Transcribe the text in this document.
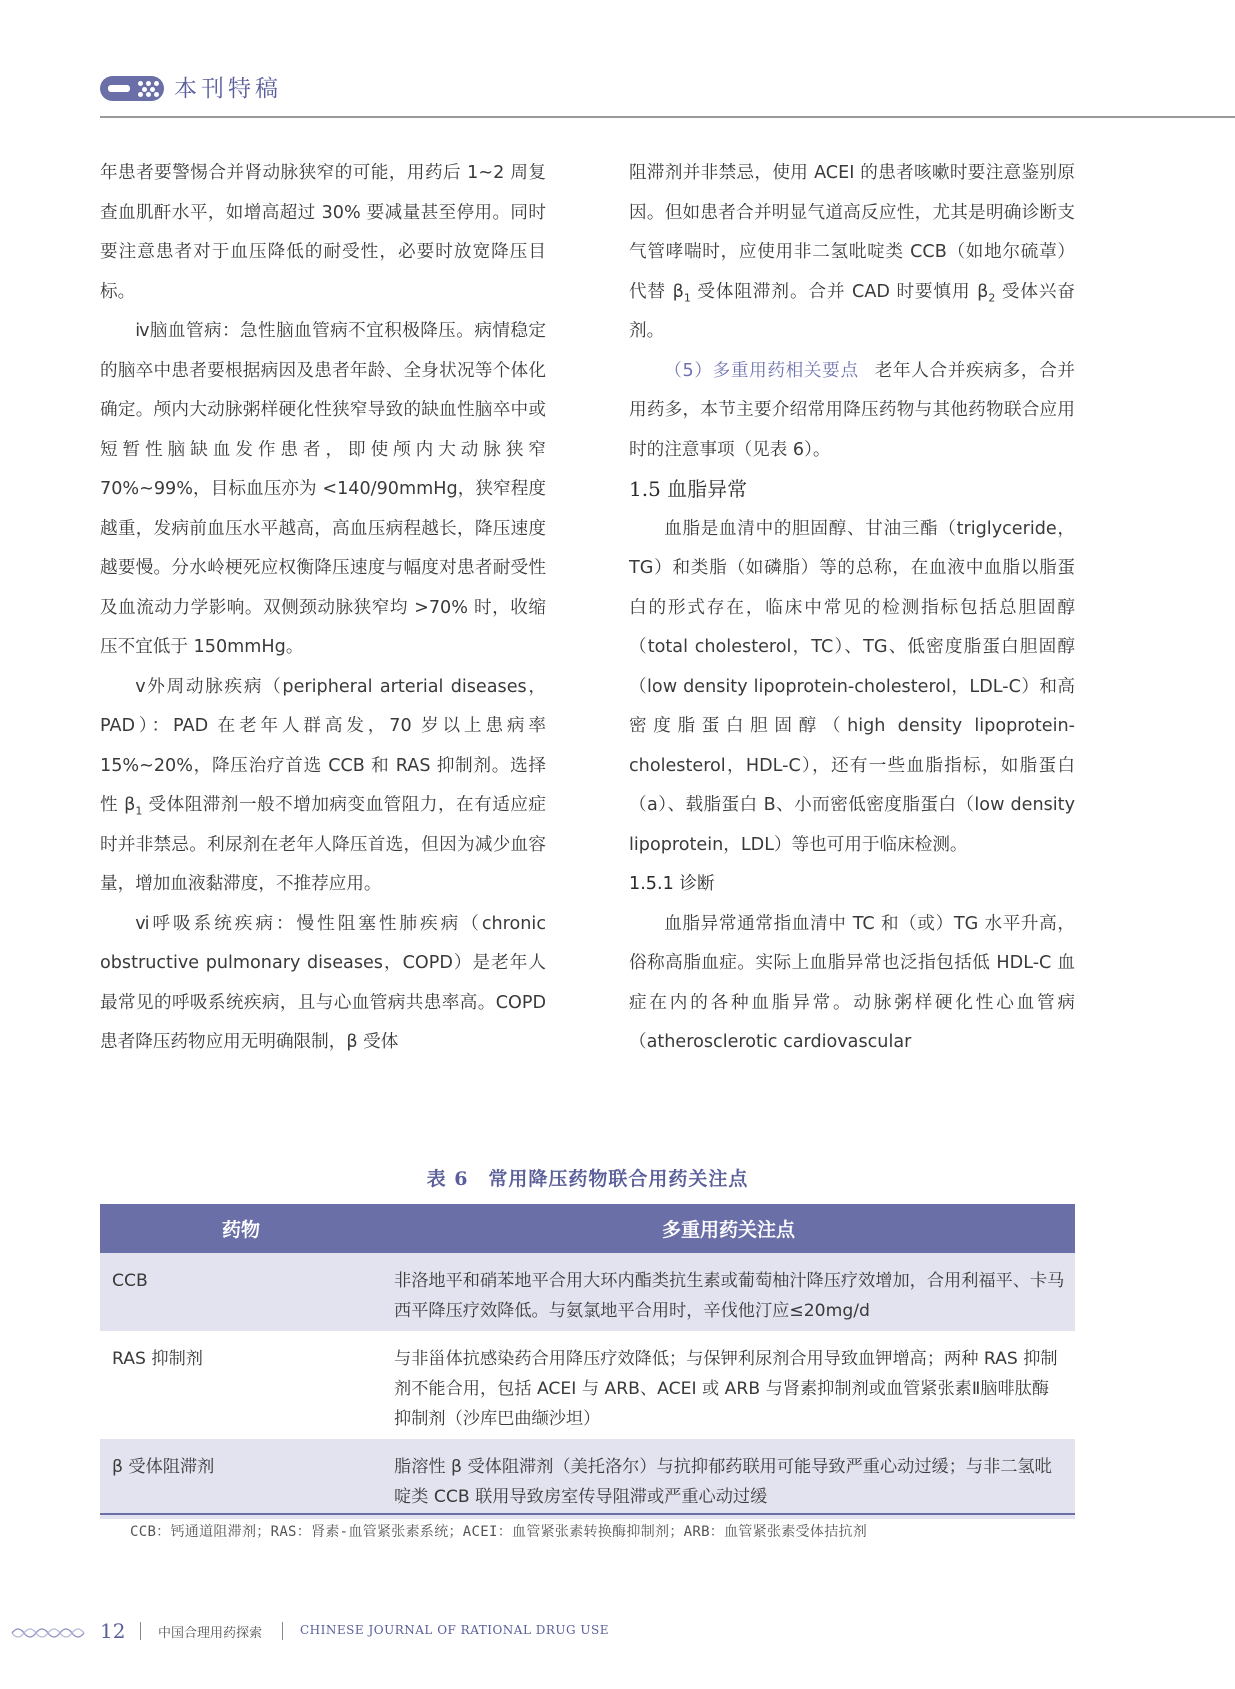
本刊特稿

年患者要警惕合并肾动脉狭窄的可能，用药后 1~2 周复查血肌酐水平，如增高超过 30% 要减量甚至停用。同时要注意患者对于血压降低的耐受性，必要时放宽降压目标。

ⅳ脑血管病：急性脑血管病不宜积极降压。病情稳定的脑卒中患者要根据病因及患者年龄、全身状况等个体化确定。颅内大动脉粥样硬化性狭窄导致的缺血性脑卒中或短暂性脑缺血发作患者，即使颅内大动脉狭窄 70%~99%，目标血压亦为 <140/90mmHg，狭窄程度越重，发病前血压水平越高，高血压病程越长，降压速度越要慢。分水岭梗死应权衡降压速度与幅度对患者耐受性及血流动力学影响。双侧颈动脉狭窄均 >70% 时，收缩压不宜低于 150mmHg。

ⅴ外周动脉疾病（peripheral arterial diseases，PAD）：PAD 在老年人群高发，70 岁以上患病率 15%~20%，降压治疗首选 CCB 和 RAS 抑制剂。选择性 $\beta_1$ 受体阻滞剂一般不增加病变血管阻力，在有适应症时并非禁忌。利尿剂在老年人降压首选，但因为减少血容量，增加血液黏滞度，不推荐应用。

ⅵ呼吸系统疾病：慢性阻塞性肺疾病（chronic obstructive pulmonary diseases，COPD）是老年人最常见的呼吸系统疾病，且与心血管病共患率高。COPD 患者降压药物应用无明确限制，β 受体

阻滞剂并非禁忌，使用 ACEI 的患者咳嗽时要注意鉴别原因。但如患者合并明显气道高反应性，尤其是明确诊断支气管哮喘时，应使用非二氢吡啶类 CCB（如地尔硫䓬）代替 $\beta_1$ 受体阻滞剂。合并 CAD 时要慎用 $\beta_2$ 受体兴奋剂。

（5）多重用药相关要点 老年人合并疾病多，合并用药多，本节主要介绍常用降压药物与其他药物联合应用时的注意事项（见表 6）。

1.5 血脂异常

血脂是血清中的胆固醇、甘油三酯（triglyceride，TG）和类脂（如磷脂）等的总称，在血液中血脂以脂蛋白的形式存在，临床中常见的检测指标包括总胆固醇（total cholesterol，TC）、TG、低密度脂蛋白胆固醇（low density lipoprotein-cholesterol，LDL-C）和高密度脂蛋白胆固醇（high density lipoprotein-cholesterol，HDL-C），还有一些血脂指标，如脂蛋白（a）、载脂蛋白 B、小而密低密度脂蛋白（low density lipoprotein，LDL）等也可用于临床检测。

1.5.1 诊断

血脂异常通常指血清中 TC 和（或）TG 水平升高，俗称高脂血症。实际上血脂异常也泛指包括低 HDL-C 血症在内的各种血脂异常。动脉粥样硬化性心血管病（atherosclerotic cardiovascular

表 6　常用降压药物联合用药关注点
药物	多重用药关注点
CCB	非洛地平和硝苯地平合用大环内酯类抗生素或葡萄柚汁降压疗效增加，合用利福平、卡马西平降压疗效降低。与氨氯地平合用时，辛伐他汀应≤20mg/d
RAS 抑制剂	与非甾体抗感染药合用降压疗效降低；与保钾利尿剂合用导致血钾增高；两种 RAS 抑制剂不能合用，包括 ACEI 与 ARB、ACEI 或 ARB 与肾素抑制剂或血管紧张素Ⅱ脑啡肽酶抑制剂（沙库巴曲缬沙坦）
β 受体阻滞剂	脂溶性 β 受体阻滞剂（美托洛尔）与抗抑郁药联用可能导致严重心动过缓；与非二氢吡啶类 CCB 联用导致房室传导阻滞或严重心动过缓
CCB：钙通道阻滞剂；RAS：肾素-血管紧张素系统；ACEI：血管紧张素转换酶抑制剂；ARB：血管紧张素受体拮抗剂
12	中国合理用药探索	CHINESE JOURNAL OF RATIONAL DRUG USE
